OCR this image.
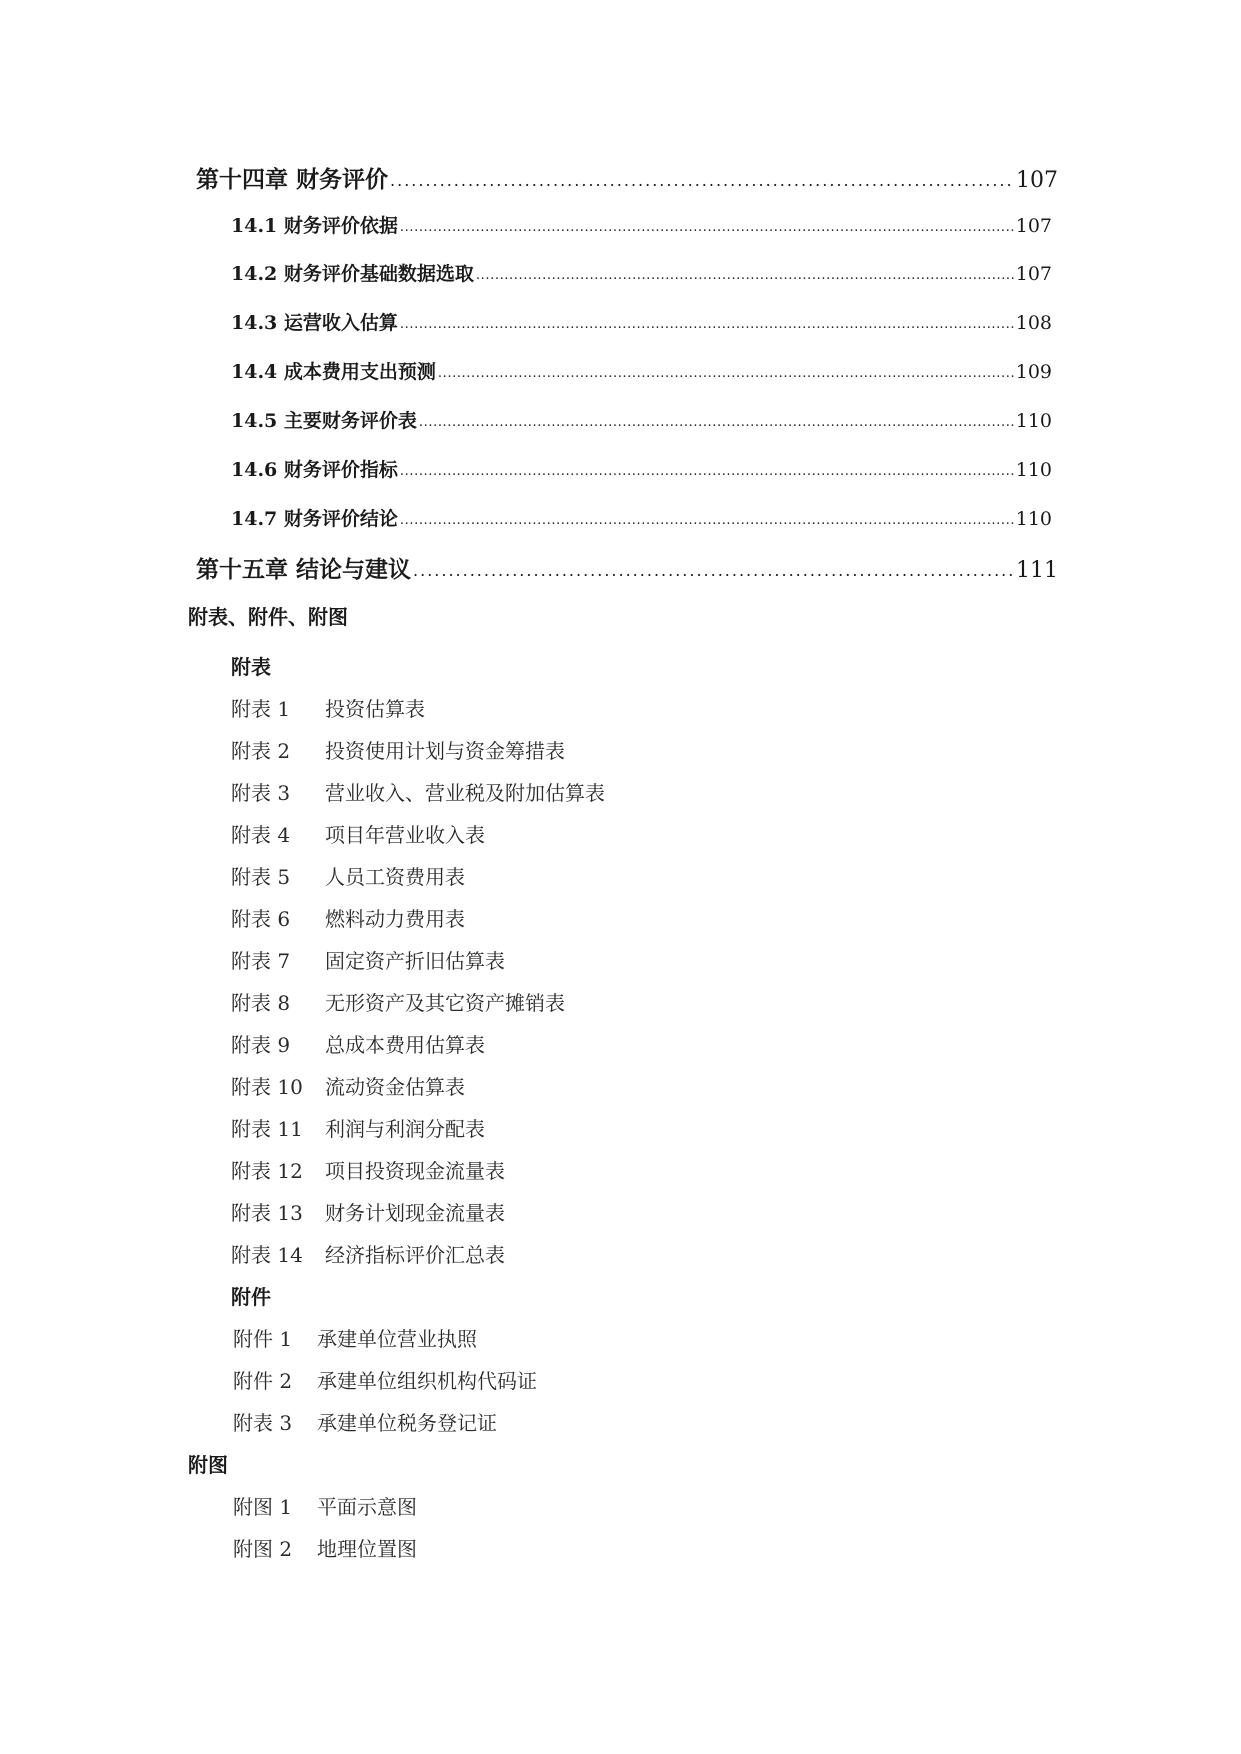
第十四章 财务评价 .....	107
14.1 财务评价依据 .....	107
14.2 财务评价基础数据选取 .....	107
14.3 运营收入估算 .....	108
14.4 成本费用支出预测 .....	109
14.5 主要财务评价表 .....	110
14.6 财务评价指标 .....	110
14.7 财务评价结论 .....	110
第十五章 结论与建议 .....	111
附表、附件、附图
附表
附表 1	投资估算表
附表 2	投资使用计划与资金筹措表
附表 3	营业收入、营业税及附加估算表
附表 4	项目年营业收入表
附表 5	人员工资费用表
附表 6	燃料动力费用表
附表 7	固定资产折旧估算表
附表 8	无形资产及其它资产摊销表
附表 9	总成本费用估算表
附表 10	流动资金估算表
附表 11	利润与利润分配表
附表 12	项目投资现金流量表
附表 13	财务计划现金流量表
附表 14	经济指标评价汇总表
附件
附件 1	承建单位营业执照
附件 2	承建单位组织机构代码证
附表 3	承建单位税务登记证
附图
附图 1	平面示意图
附图 2	地理位置图
